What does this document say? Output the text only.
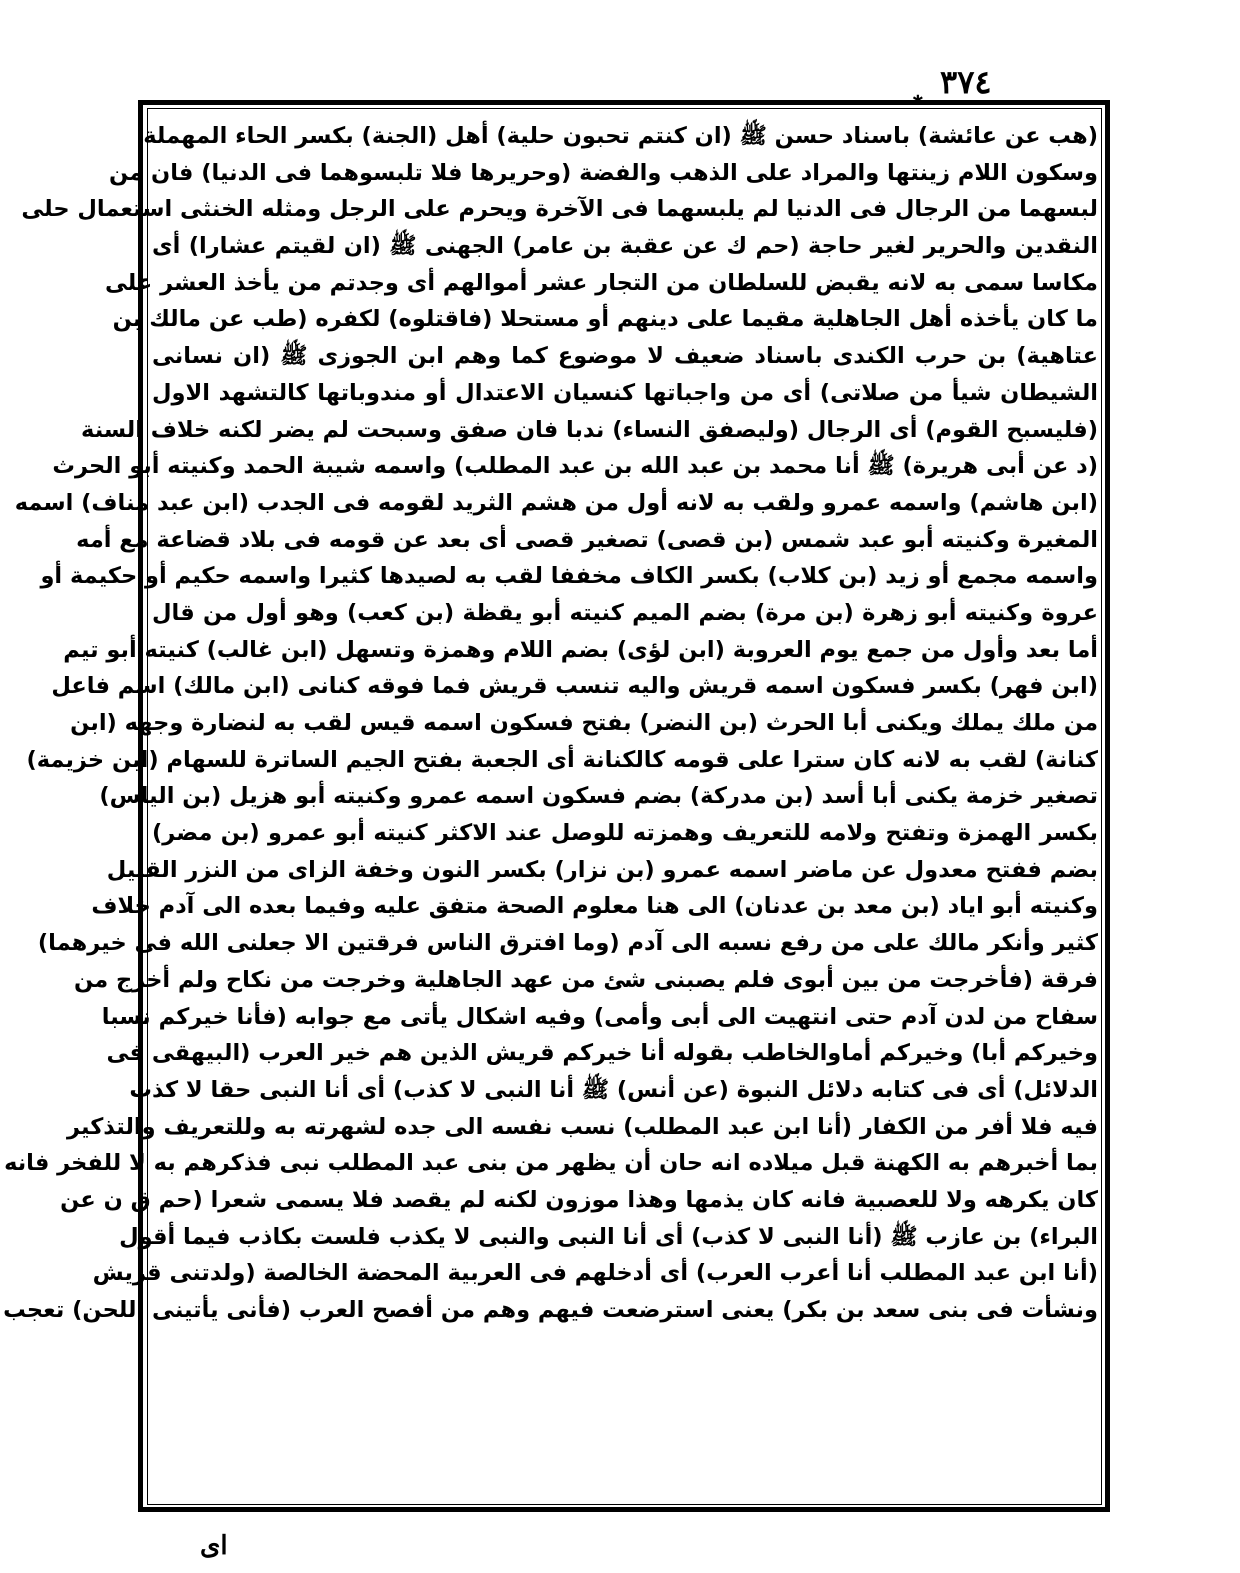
٣٧٤
✱
(هب عن عائشة) باسناد حسن ﷺ (ان كنتم تحبون حلية) أهل (الجنة) بكسر الحاء المهملة
وسكون اللام زينتها والمراد على الذهب والفضة (وحريرها فلا تلبسوهما فى الدنيا) فان من
لبسهما من الرجال فى الدنيا لم يلبسهما فى الآخرة ويحرم على الرجل ومثله الخنثى استعمال حلى
النقدين والحرير لغير حاجة (حم ك عن عقبة بن عامر) الجهنى ﷺ (ان لقيتم عشارا) أى
مكاسا سمى به لانه يقبض للسلطان من التجار عشر أموالهم أى وجدتم من يأخذ العشر على
ما كان يأخذه أهل الجاهلية مقيما على دينهم أو مستحلا (فاقتلوه) لكفره (طب عن مالك بن
عتاهية) بن حرب الكندى باسناد ضعيف لا موضوع كما وهم ابن الجوزى ﷺ (ان نسانى
الشيطان شيأ من صلاتى) أى من واجباتها كنسيان الاعتدال أو مندوباتها كالتشهد الاول
(فليسبح القوم) أى الرجال (وليصفق النساء) ندبا فان صفق وسبحت لم يضر لكنه خلاف السنة
(د عن أبى هريرة) ﷺ أنا محمد بن عبد الله بن عبد المطلب) واسمه شيبة الحمد وكنيته أبو الحرث
(ابن هاشم) واسمه عمرو ولقب به لانه أول من هشم الثريد لقومه فى الجدب (ابن عبد مناف) اسمه
المغيرة وكنيته أبو عبد شمس (بن قصى) تصغير قصى أى بعد عن قومه فى بلاد قضاعة مع أمه
واسمه مجمع أو زيد (بن كلاب) بكسر الكاف مخففا لقب به لصيدها كثيرا واسمه حكيم أو حكيمة أو
عروة وكنيته أبو زهرة (بن مرة) بضم الميم كنيته أبو يقظة (بن كعب) وهو أول من قال
أما بعد وأول من جمع يوم العروبة (ابن لؤى) بضم اللام وهمزة وتسهل (ابن غالب) كنيته أبو تيم
(ابن فهر) بكسر فسكون اسمه قريش واليه تنسب قريش فما فوقه كنانى (ابن مالك) اسم فاعل
من ملك يملك ويكنى أبا الحرث (بن النضر) بفتح فسكون اسمه قيس لقب به لنضارة وجهه (ابن
كنانة) لقب به لانه كان سترا على قومه كالكنانة أى الجعبة بفتح الجيم الساترة للسهام (ابن خزيمة)
تصغير خزمة يكنى أبا أسد (بن مدركة) بضم فسكون اسمه عمرو وكنيته أبو هزيل (بن الياس)
بكسر الهمزة وتفتح ولامه للتعريف وهمزته للوصل عند الاكثر كنيته أبو عمرو (بن مضر)
بضم ففتح معدول عن ماضر اسمه عمرو (بن نزار) بكسر النون وخفة الزاى من النزر القليل
وكنيته أبو اياد (بن معد بن عدنان) الى هنا معلوم الصحة متفق عليه وفيما بعده الى آدم خلاف
كثير وأنكر مالك على من رفع نسبه الى آدم (وما افترق الناس فرقتين الا جعلنى الله فى خيرهما)
فرقة (فأخرجت من بين أبوى فلم يصبنى شئ من عهد الجاهلية وخرجت من نكاح ولم أخرج من
سفاح من لدن آدم حتى انتهيت الى أبى وأمى) وفيه اشكال يأتى مع جوابه (فأنا خيركم نسبا
وخيركم أبا) وخيركم أماوالخاطب بقوله أنا خيركم قريش الذين هم خير العرب (البيهقى فى
الدلائل) أى فى كتابه دلائل النبوة (عن أنس) ﷺ أنا النبى لا كذب) أى أنا النبى حقا لا كذب
فيه فلا أفر من الكفار (أنا ابن عبد المطلب) نسب نفسه الى جده لشهرته به وللتعريف والتذكير
بما أخبرهم به الكهنة قبل ميلاده انه حان أن يظهر من بنى عبد المطلب نبى فذكرهم به لا للفخر فانه
كان يكرهه ولا للعصبية فانه كان يذمها وهذا موزون لكنه لم يقصد فلا يسمى شعرا (حم ق ن عن
البراء) بن عازب ﷺ (أنا النبى لا كذب) أى أنا النبى والنبى لا يكذب فلست بكاذب فيما أقول
(أنا ابن عبد المطلب أنا أعرب العرب) أى أدخلهم فى العربية المحضة الخالصة (ولدتنى قريش
ونشأت فى بنى سعد بن بكر) يعنى استرضعت فيهم وهم من أفصح العرب (فأنى يأتينى اللحن) تعجب
اى
